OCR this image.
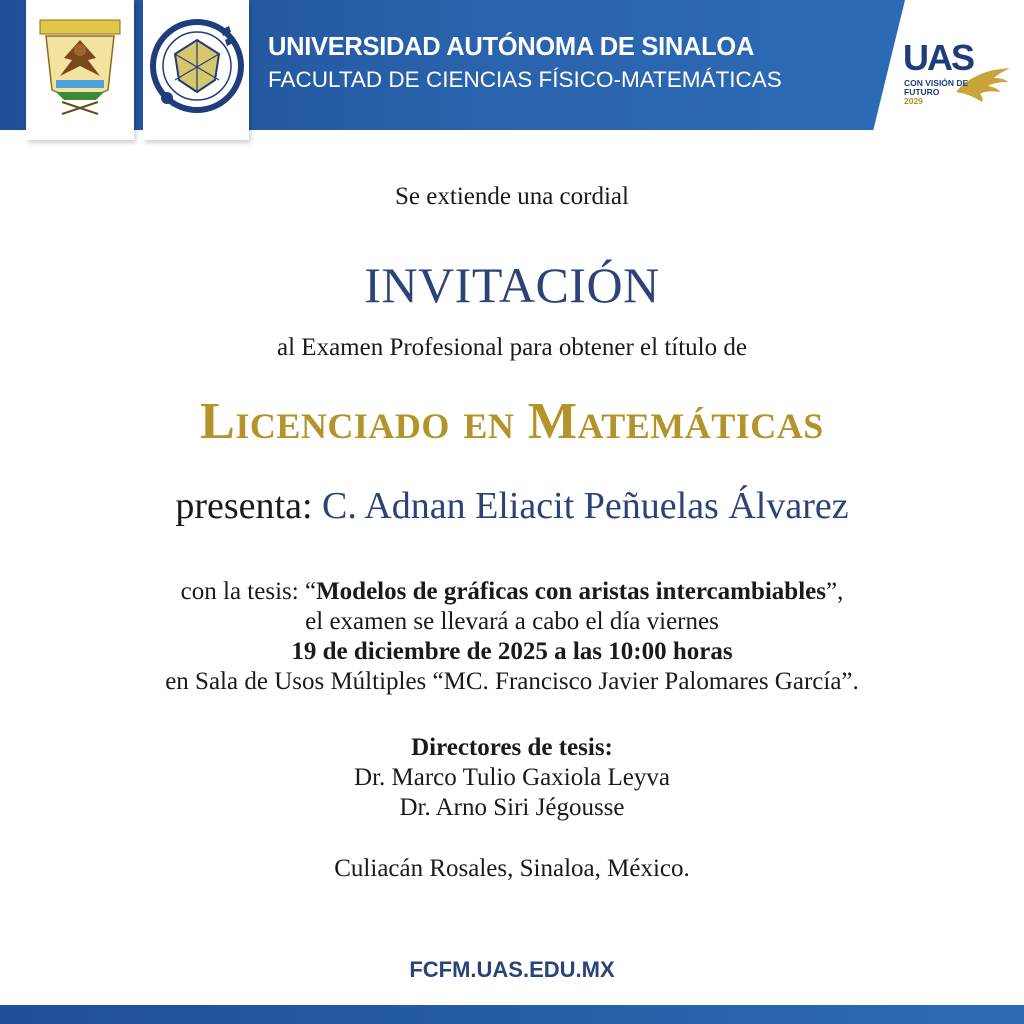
UNIVERSIDAD AUTÓNOMA DE SINALOA
FACULTAD DE CIENCIAS FÍSICO-MATEMÁTICAS
UAS
CON VISIÓN DE
FUTURO
2029
Se extiende una cordial
INVITACIÓN
al Examen Profesional para obtener el título de
Licenciado en Matemáticas
presenta: C. Adnan Eliacit Peñuelas Álvarez
con la tesis: “Modelos de gráficas con aristas intercambiables”,
el examen se llevará a cabo el día viernes
19 de diciembre de 2025 a las 10:00 horas
en Sala de Usos Múltiples “MC. Francisco Javier Palomares García”.
Directores de tesis:
Dr. Marco Tulio Gaxiola Leyva
Dr. Arno Siri Jégousse
Culiacán Rosales, Sinaloa, México.
FCFM.UAS.EDU.MX
